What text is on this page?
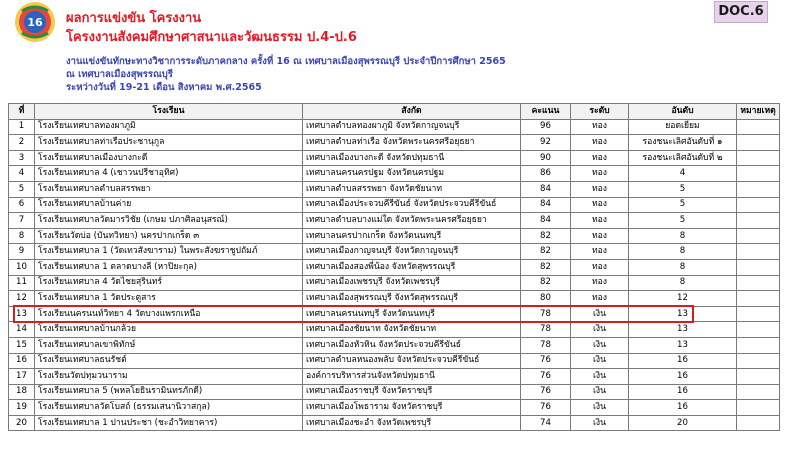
16 ผลการแข่งขัน โครงงาน
โครงงานสังคมศึกษาศาสนาและวัฒนธรรม ป.4-ป.6
DOC.6
งานแข่งขันทักษะทางวิชาการระดับภาคกลาง ครั้งที่ 16 ณ เทศบาลเมืองสุพรรณบุรี ประจำปีการศึกษา 2565
ณ เทศบาลเมืองสุพรรณบุรี
ระหว่างวันที่ 19-21 เดือน สิงหาคม พ.ศ.2565
ที่	โรงเรียน	สังกัด	คะแนน	ระดับ	อันดับ	หมายเหตุ
1	โรงเรียนเทศบาลทองผาภูมิ	เทศบาลตำบลทองผาภูมิ จังหวัดกาญจนบุรี	96	ทอง	ยอดเยี่ยม	
2	โรงเรียนเทศบาลท่าเรือประชานุกูล	เทศบาลตำบลท่าเรือ จังหวัดพระนครศรีอยุธยา	92	ทอง	รองชนะเลิศอันดับที่ ๑	
3	โรงเรียนเทศบาลเมืองบางกะดี	เทศบาลเมืองบางกะดี จังหวัดปทุมธานี	90	ทอง	รองชนะเลิศอันดับที่ ๒	
4	โรงเรียนเทศบาล 4 (เชาวนปรีชาอุทิศ)	เทศบาลนครนครปฐม จังหวัดนครปฐม	86	ทอง	4	
5	โรงเรียนเทศบาลตำบลสรรพยา	เทศบาลตำบลสรรพยา จังหวัดชัยนาท	84	ทอง	5	
6	โรงเรียนเทศบาลบ้านค่าย	เทศบาลเมืองประจวบคีรีขันธ์ จังหวัดประจวบคีรีขันธ์	84	ทอง	5	
7	โรงเรียนเทศบาลวัดมารวิชัย (เกษม ปภาศิลอนุสรณ์)	เทศบาลตำบลบางแม่ใด จังหวัดพระนครศรีอยุธยา	84	ทอง	5	
8	โรงเรียนวัดบ่อ (บันทวิทยา) นครปากเกร็ด ๓	เทศบาลนครปากเกร็ด จังหวัดนนทบุรี	82	ทอง	8	
9	โรงเรียนเทศบาล 1 (วัดเทวสังฆาราม) ในพระสังฆราชูปถัมภ์	เทศบาลเมืองกาญจนบุรี จังหวัดกาญจนบุรี	82	ทอง	8	
10	โรงเรียนเทศบาล 1 ตลาดบางลี (หาปิยะกุล)	เทศบาลเมืองสองพี่น้อง จังหวัดสุพรรณบุรี	82	ทอง	8	
11	โรงเรียนเทศบาล 4 วัดไชยสุรินทร์	เทศบาลเมืองเพชรบุรี จังหวัดเพชรบุรี	82	ทอง	8	
12	โรงเรียนเทศบาล 1 วัดประตูสาร	เทศบาลเมืองสุพรรณบุรี จังหวัดสุพรรณบุรี	80	ทอง	12	
13	โรงเรียนนครนนท์วิทยา 4 วัดบางแพรกเหนือ	เทศบาลนครนนทบุรี จังหวัดนนทบุรี	78	เงิน	13	
14	โรงเรียนเทศบาลบ้านกล้วย	เทศบาลเมืองชัยนาท จังหวัดชัยนาท	78	เงิน	13	
15	โรงเรียนเทศบาลเขาพิทักษ์	เทศบาลเมืองหัวหิน จังหวัดประจวบคีรีขันธ์	78	เงิน	13	
16	โรงเรียนเทศบาลธนรัชต์	เทศบาลตำบลหนองพลับ จังหวัดประจวบคีรีขันธ์	76	เงิน	16	
17	โรงเรียนวัดปทุมวนาราม	องค์การบริหารส่วนจังหวัดปทุมธานี	76	เงิน	16	
18	โรงเรียนเทศบาล 5 (พหลโยธินรามินทรภักดี)	เทศบาลเมืองราชบุรี จังหวัดราชบุรี	76	เงิน	16	
19	โรงเรียนเทศบาลวัดโบสถ์ (ธรรมเสนานิวาสกุล)	เทศบาลเมืองโพธาราม จังหวัดราชบุรี	76	เงิน	16	
20	โรงเรียนเทศบาล 1 ปานประชา (ชะอำวิทยาคาร)	เทศบาลเมืองชะอำ จังหวัดเพชรบุรี	74	เงิน	20	
